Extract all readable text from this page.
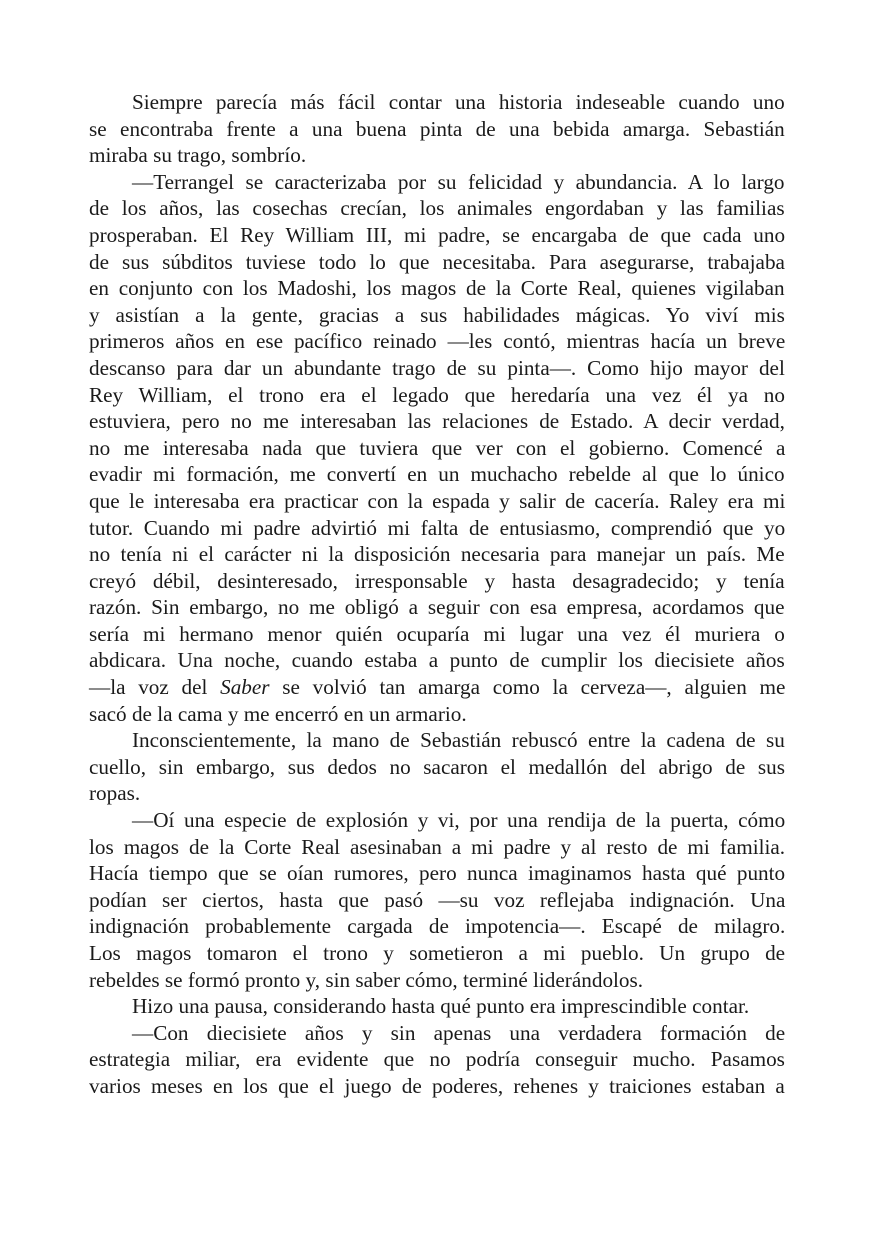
Siempre parecía más fácil contar una historia indeseable cuando uno
se encontraba frente a una buena pinta de una bebida amarga. Sebastián
miraba su trago, sombrío.
—Terrangel se caracterizaba por su felicidad y abundancia. A lo largo
de los años, las cosechas crecían, los animales engordaban y las familias
prosperaban. El Rey William III, mi padre, se encargaba de que cada uno
de sus súbditos tuviese todo lo que necesitaba. Para asegurarse, trabajaba
en conjunto con los Madoshi, los magos de la Corte Real, quienes vigilaban
y asistían a la gente, gracias a sus habilidades mágicas. Yo viví mis
primeros años en ese pacífico reinado —les contó, mientras hacía un breve
descanso para dar un abundante trago de su pinta—. Como hijo mayor del
Rey William, el trono era el legado que heredaría una vez él ya no
estuviera, pero no me interesaban las relaciones de Estado. A decir verdad,
no me interesaba nada que tuviera que ver con el gobierno. Comencé a
evadir mi formación, me convertí en un muchacho rebelde al que lo único
que le interesaba era practicar con la espada y salir de cacería. Raley era mi
tutor. Cuando mi padre advirtió mi falta de entusiasmo, comprendió que yo
no tenía ni el carácter ni la disposición necesaria para manejar un país. Me
creyó débil, desinteresado, irresponsable y hasta desagradecido; y tenía
razón. Sin embargo, no me obligó a seguir con esa empresa, acordamos que
sería mi hermano menor quién ocuparía mi lugar una vez él muriera o
abdicara. Una noche, cuando estaba a punto de cumplir los diecisiete años
—la voz del Saber se volvió tan amarga como la cerveza—, alguien me
sacó de la cama y me encerró en un armario.
Inconscientemente, la mano de Sebastián rebuscó entre la cadena de su
cuello, sin embargo, sus dedos no sacaron el medallón del abrigo de sus
ropas.
—Oí una especie de explosión y vi, por una rendija de la puerta, cómo
los magos de la Corte Real asesinaban a mi padre y al resto de mi familia.
Hacía tiempo que se oían rumores, pero nunca imaginamos hasta qué punto
podían ser ciertos, hasta que pasó —su voz reflejaba indignación. Una
indignación probablemente cargada de impotencia—. Escapé de milagro.
Los magos tomaron el trono y sometieron a mi pueblo. Un grupo de
rebeldes se formó pronto y, sin saber cómo, terminé liderándolos.
Hizo una pausa, considerando hasta qué punto era imprescindible contar.
—Con diecisiete años y sin apenas una verdadera formación de
estrategia miliar, era evidente que no podría conseguir mucho. Pasamos
varios meses en los que el juego de poderes, rehenes y traiciones estaban a
